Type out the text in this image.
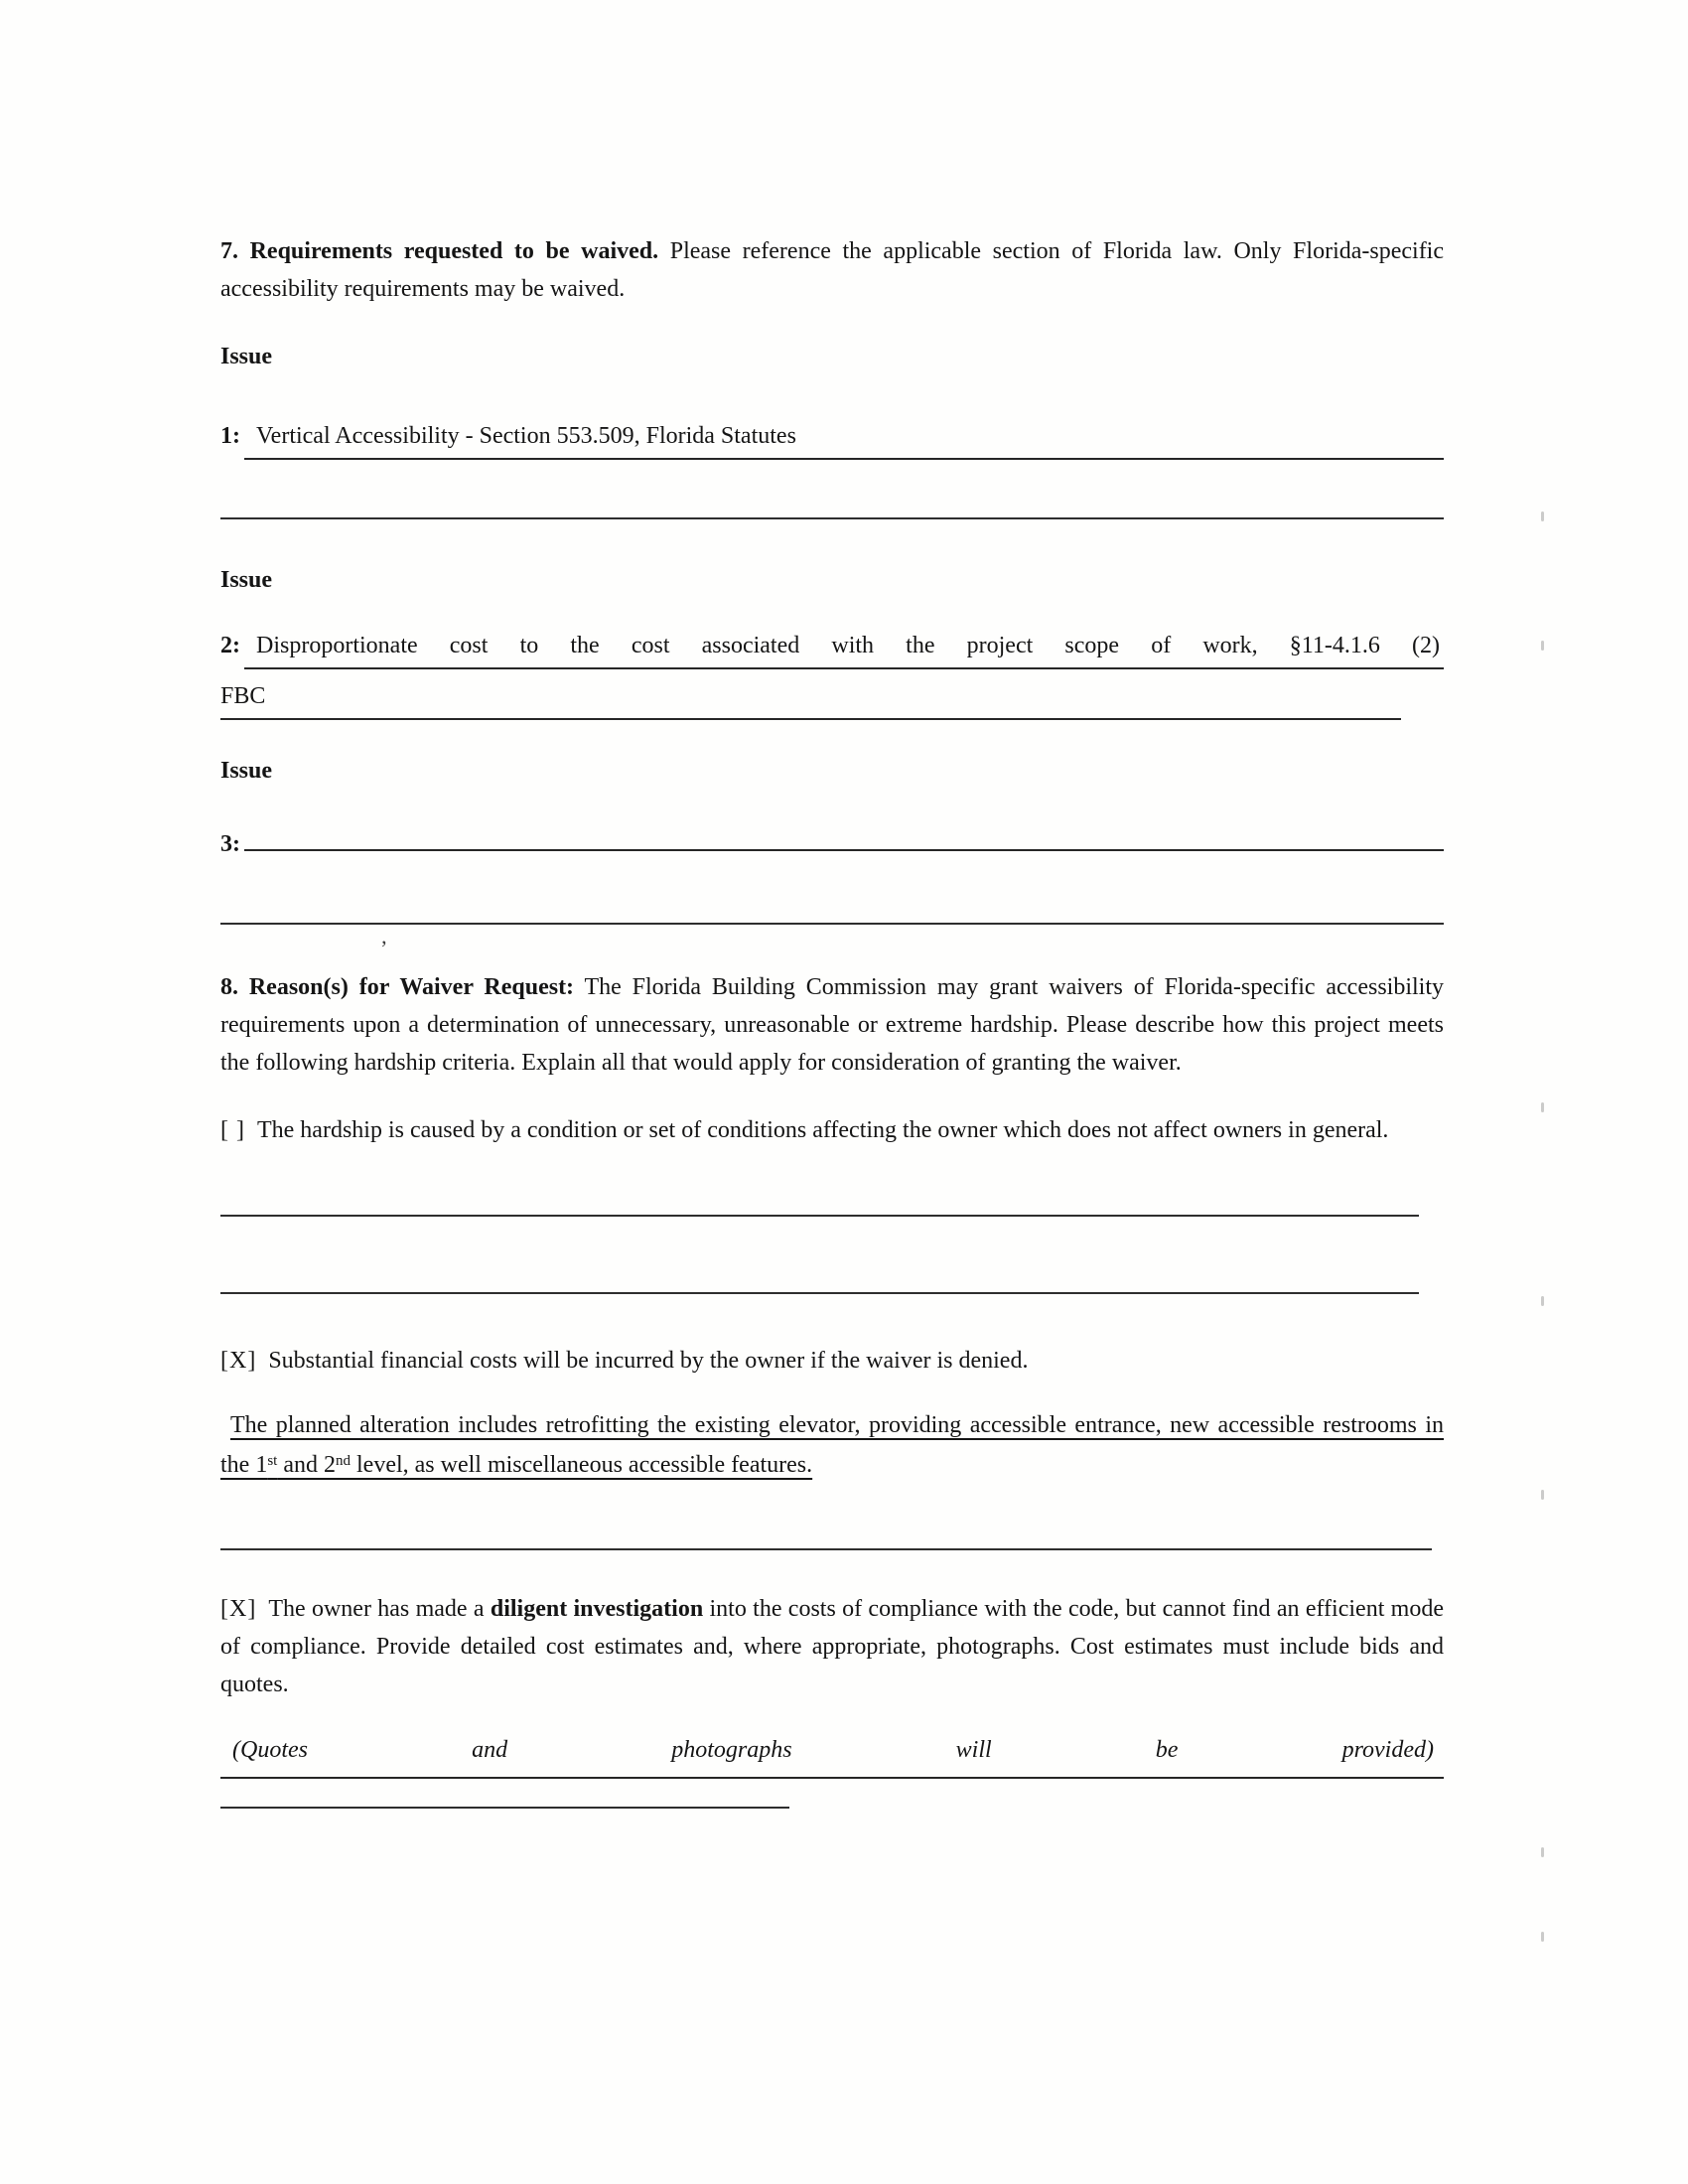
’

7. Requirements requested to be waived. Please reference the applicable section of Florida law. Only Florida-specific accessibility requirements may be waived.

Issue

1: Vertical Accessibility - Section 553.509, Florida Statutes

Issue

2: Disproportionate cost to the cost associated with the project scope of work, §11-4.1.6 (2)
FBC

Issue

3:

8. Reason(s) for Waiver Request: The Florida Building Commission may grant waivers of Florida-specific accessibility requirements upon a determination of unnecessary, unreasonable or extreme hardship. Please describe how this project meets the following hardship criteria. Explain all that would apply for consideration of granting the waiver.

[ ] The hardship is caused by a condition or set of conditions affecting the owner which does not affect owners in general.

[X] Substantial financial costs will be incurred by the owner if the waiver is denied.

The planned alteration includes retrofitting the existing elevator, providing accessible entrance, new accessible restrooms in the 1st and 2nd level, as well miscellaneous accessible features.

[X] The owner has made a diligent investigation into the costs of compliance with the code, but cannot find an efficient mode of compliance. Provide detailed cost estimates and, where appropriate, photographs. Cost estimates must include bids and quotes.

(Quotes	and	photographs	will	be	provided)
